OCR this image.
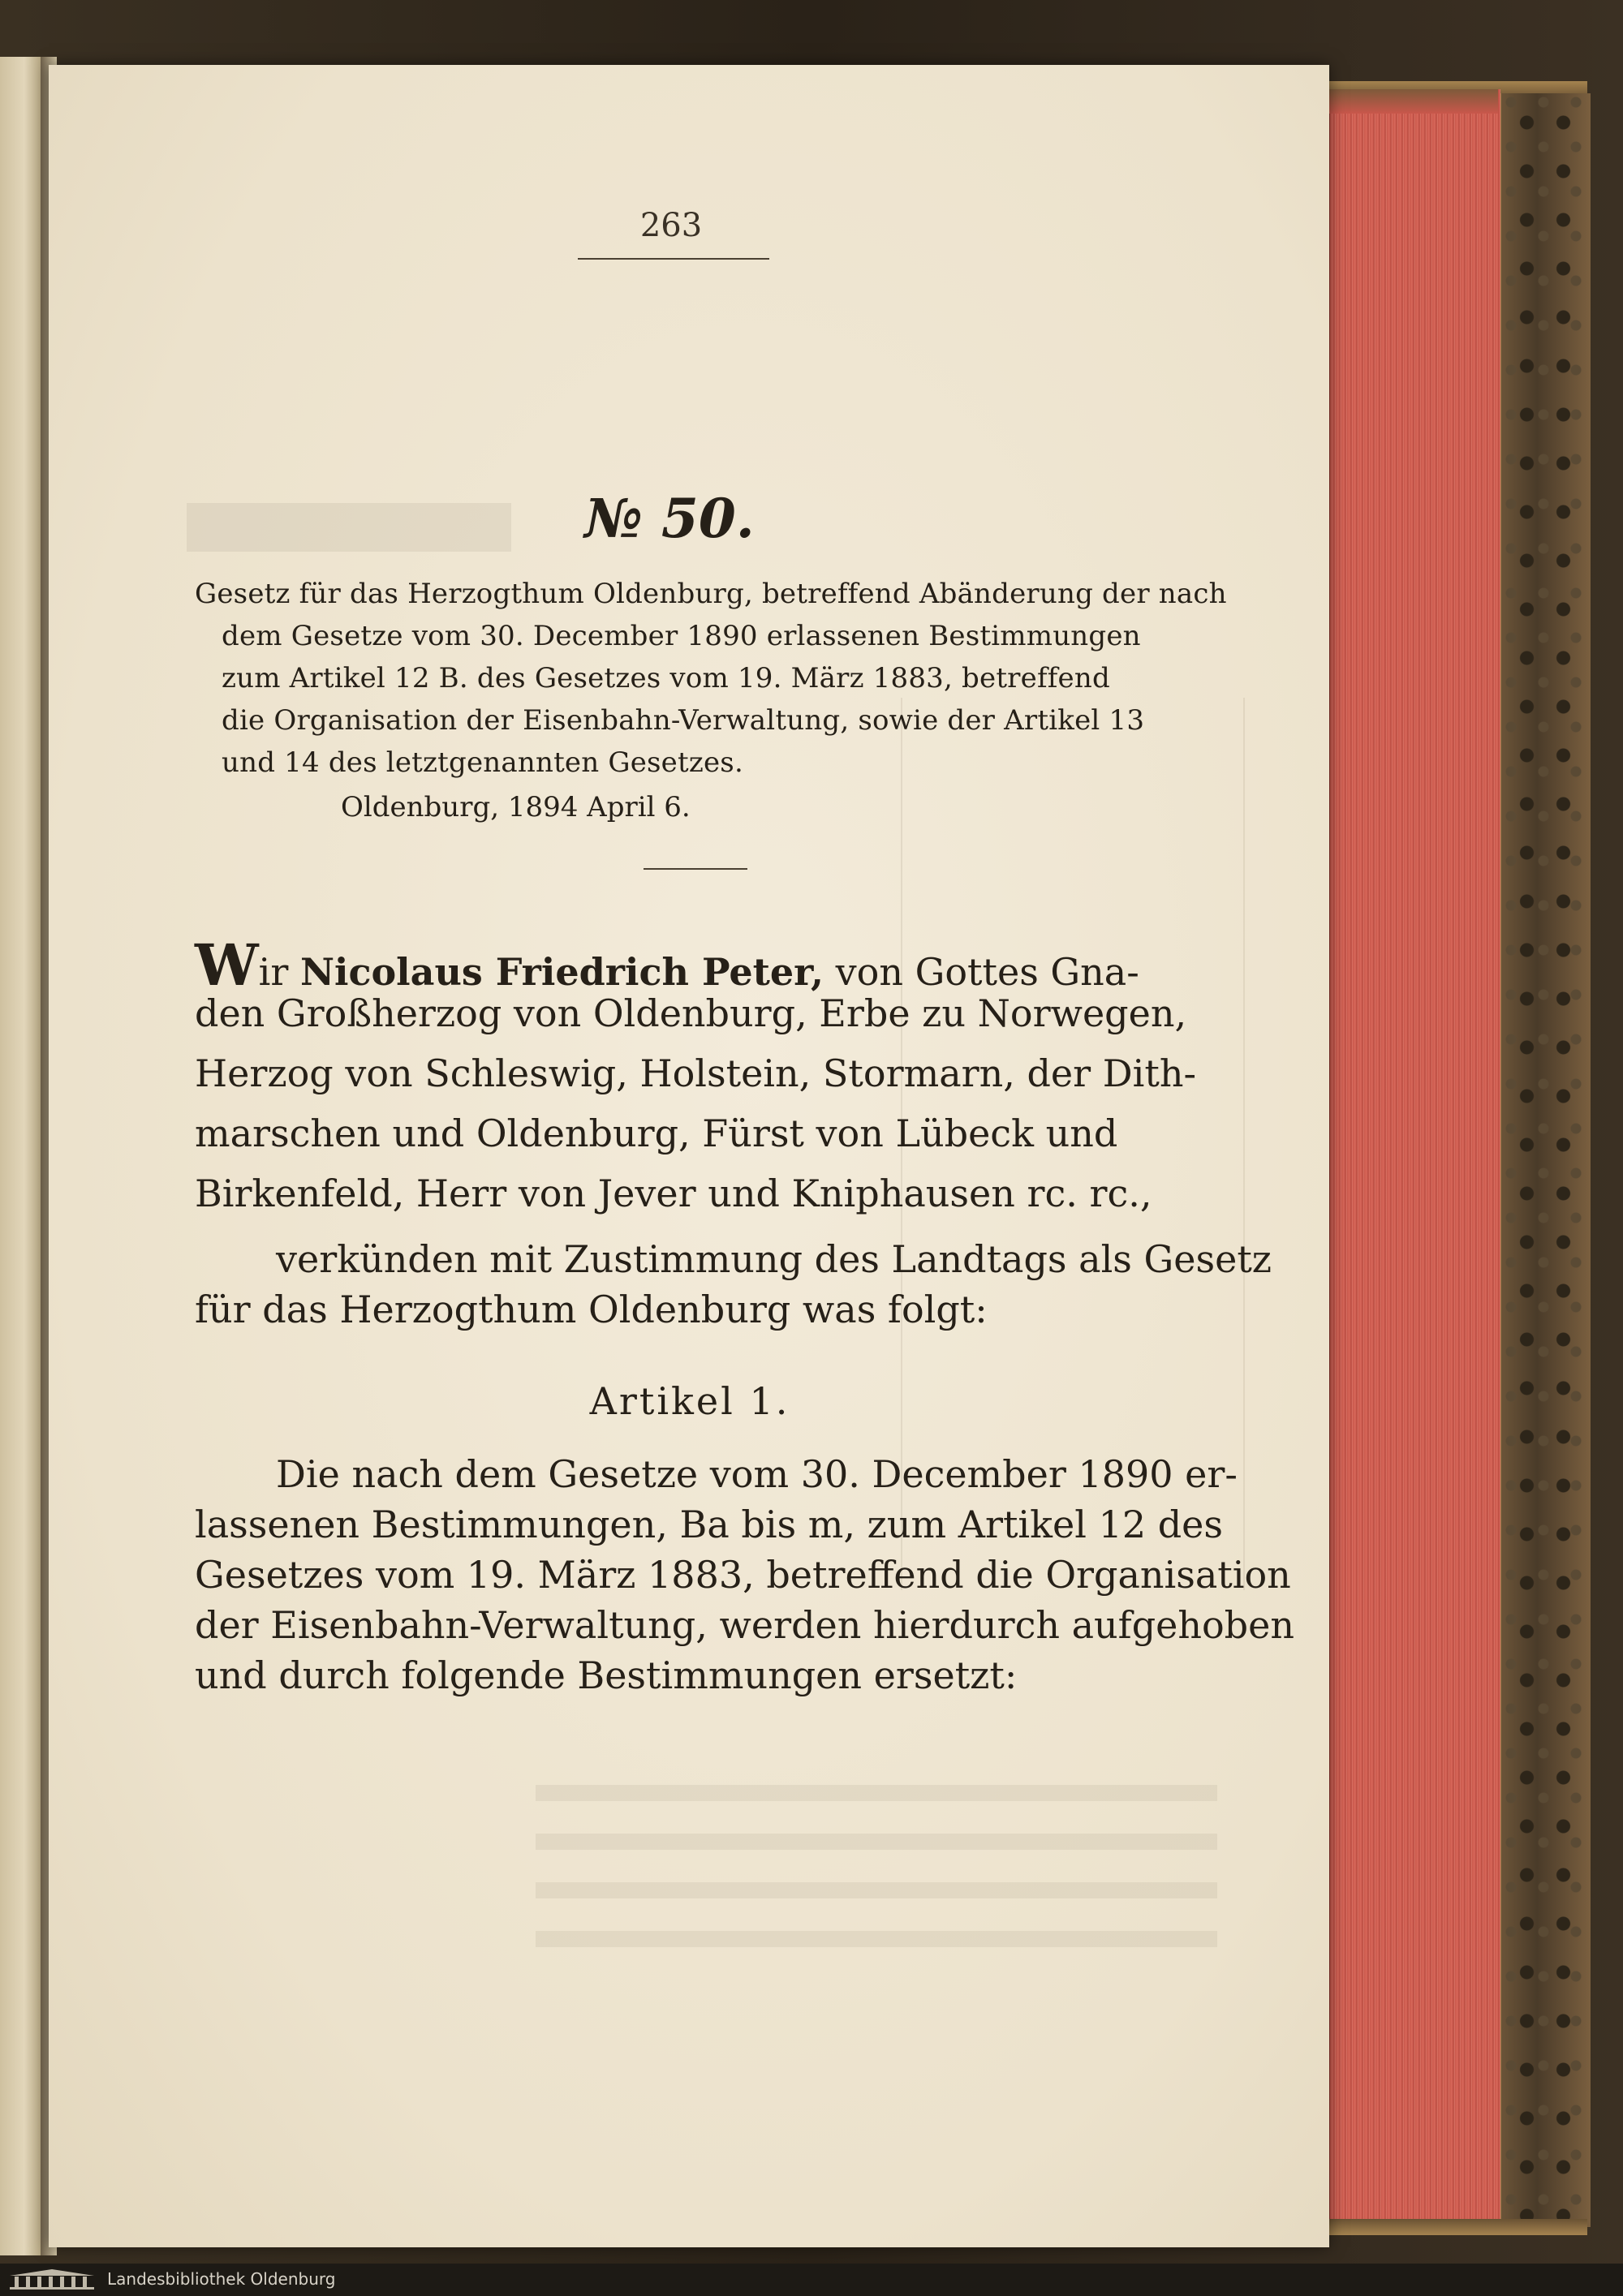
263
№ 50.
Gesetz für das Herzogthum Oldenburg, betreffend Abänderung der nach
dem Gesetze vom 30. December 1890 erlassenen Bestimmungen
zum Artikel 12 B. des Gesetzes vom 19. März 1883, betreffend
die Organisation der Eisenbahn-Verwaltung, sowie der Artikel 13
und 14 des letztgenannten Gesetzes.
Oldenburg, 1894 April 6.
Wir Nicolaus Friedrich Peter, von Gottes Gna-
den Großherzog von Oldenburg, Erbe zu Norwegen,
Herzog von Schleswig, Holstein, Stormarn, der Dith-
marschen und Oldenburg, Fürst von Lübeck und
Birkenfeld, Herr von Jever und Kniphausen rc. rc.,
verkünden mit Zustimmung des Landtags als Gesetz
für das Herzogthum Oldenburg was folgt:
Artikel 1.
Die nach dem Gesetze vom 30. December 1890 er-
lassenen Bestimmungen, Ba bis m, zum Artikel 12 des
Gesetzes vom 19. März 1883, betreffend die Organisation
der Eisenbahn-Verwaltung, werden hierdurch aufgehoben
und durch folgende Bestimmungen ersetzt:
Landesbibliothek Oldenburg
